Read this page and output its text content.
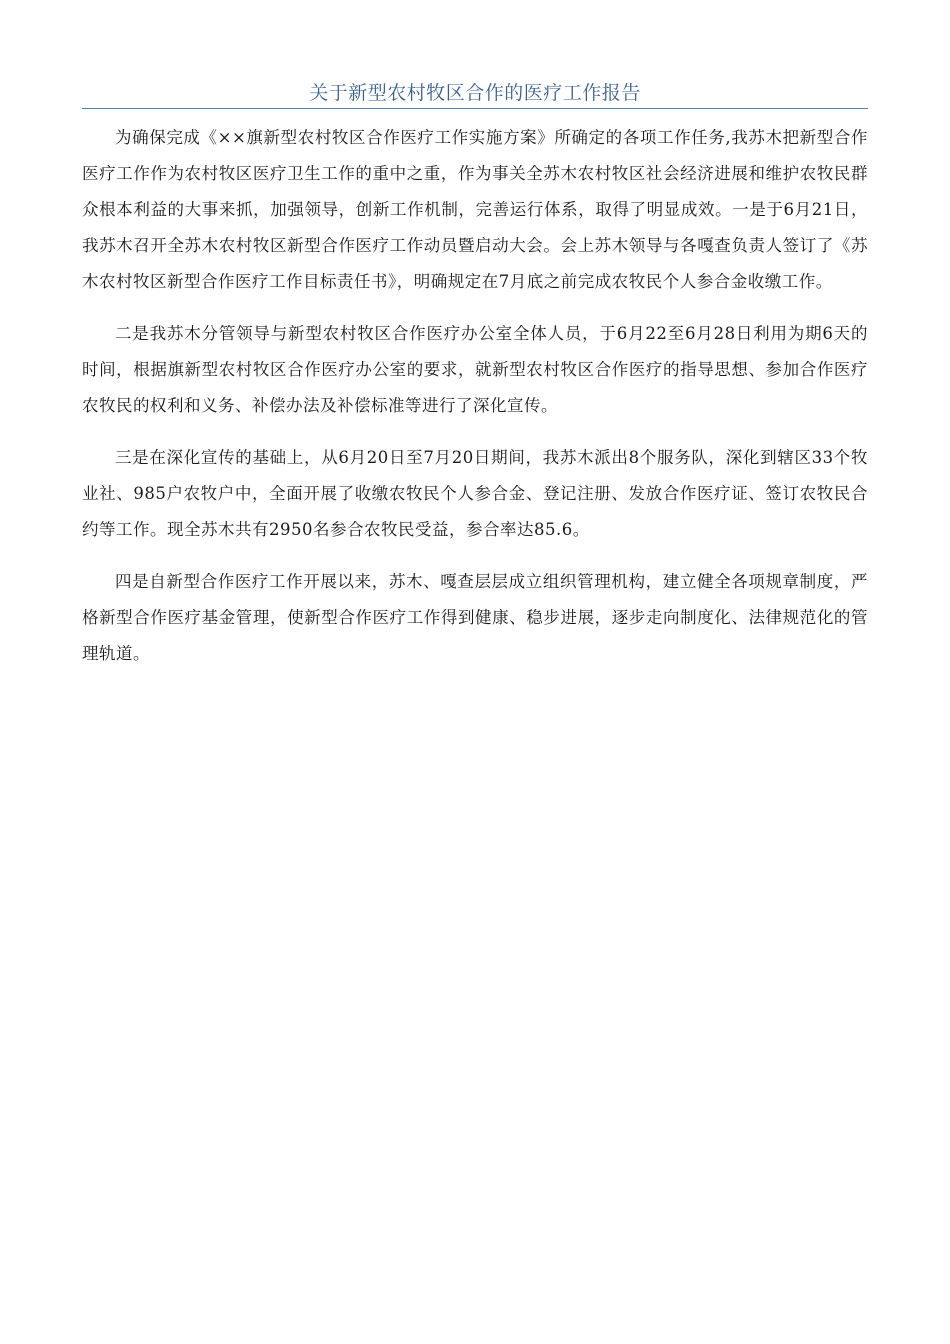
关于新型农村牧区合作的医疗工作报告

为确保完成《××旗新型农村牧区合作医疗工作实施方案》所确定的各项工作任务,我苏木把新型合作医疗工作作为农村牧区医疗卫生工作的重中之重，作为事关全苏木农村牧区社会经济进展和维护农牧民群众根本利益的大事来抓，加强领导，创新工作机制，完善运行体系，取得了明显成效。一是于6月21日，我苏木召开全苏木农村牧区新型合作医疗工作动员暨启动大会。会上苏木领导与各嘎查负责人签订了《苏木农村牧区新型合作医疗工作目标责任书》，明确规定在7月底之前完成农牧民个人参合金收缴工作。

二是我苏木分管领导与新型农村牧区合作医疗办公室全体人员，于6月22至6月28日利用为期6天的时间，根据旗新型农村牧区合作医疗办公室的要求，就新型农村牧区合作医疗的指导思想、参加合作医疗农牧民的权利和义务、补偿办法及补偿标准等进行了深化宣传。

三是在深化宣传的基础上，从6月20日至7月20日期间，我苏木派出8个服务队，深化到辖区33个牧业社、985户农牧户中，全面开展了收缴农牧民个人参合金、登记注册、发放合作医疗证、签订农牧民合约等工作。现全苏木共有2950名参合农牧民受益，参合率达85.6。

四是自新型合作医疗工作开展以来，苏木、嘎查层层成立组织管理机构，建立健全各项规章制度，严格新型合作医疗基金管理，使新型合作医疗工作得到健康、稳步进展，逐步走向制度化、法律规范化的管理轨道。
